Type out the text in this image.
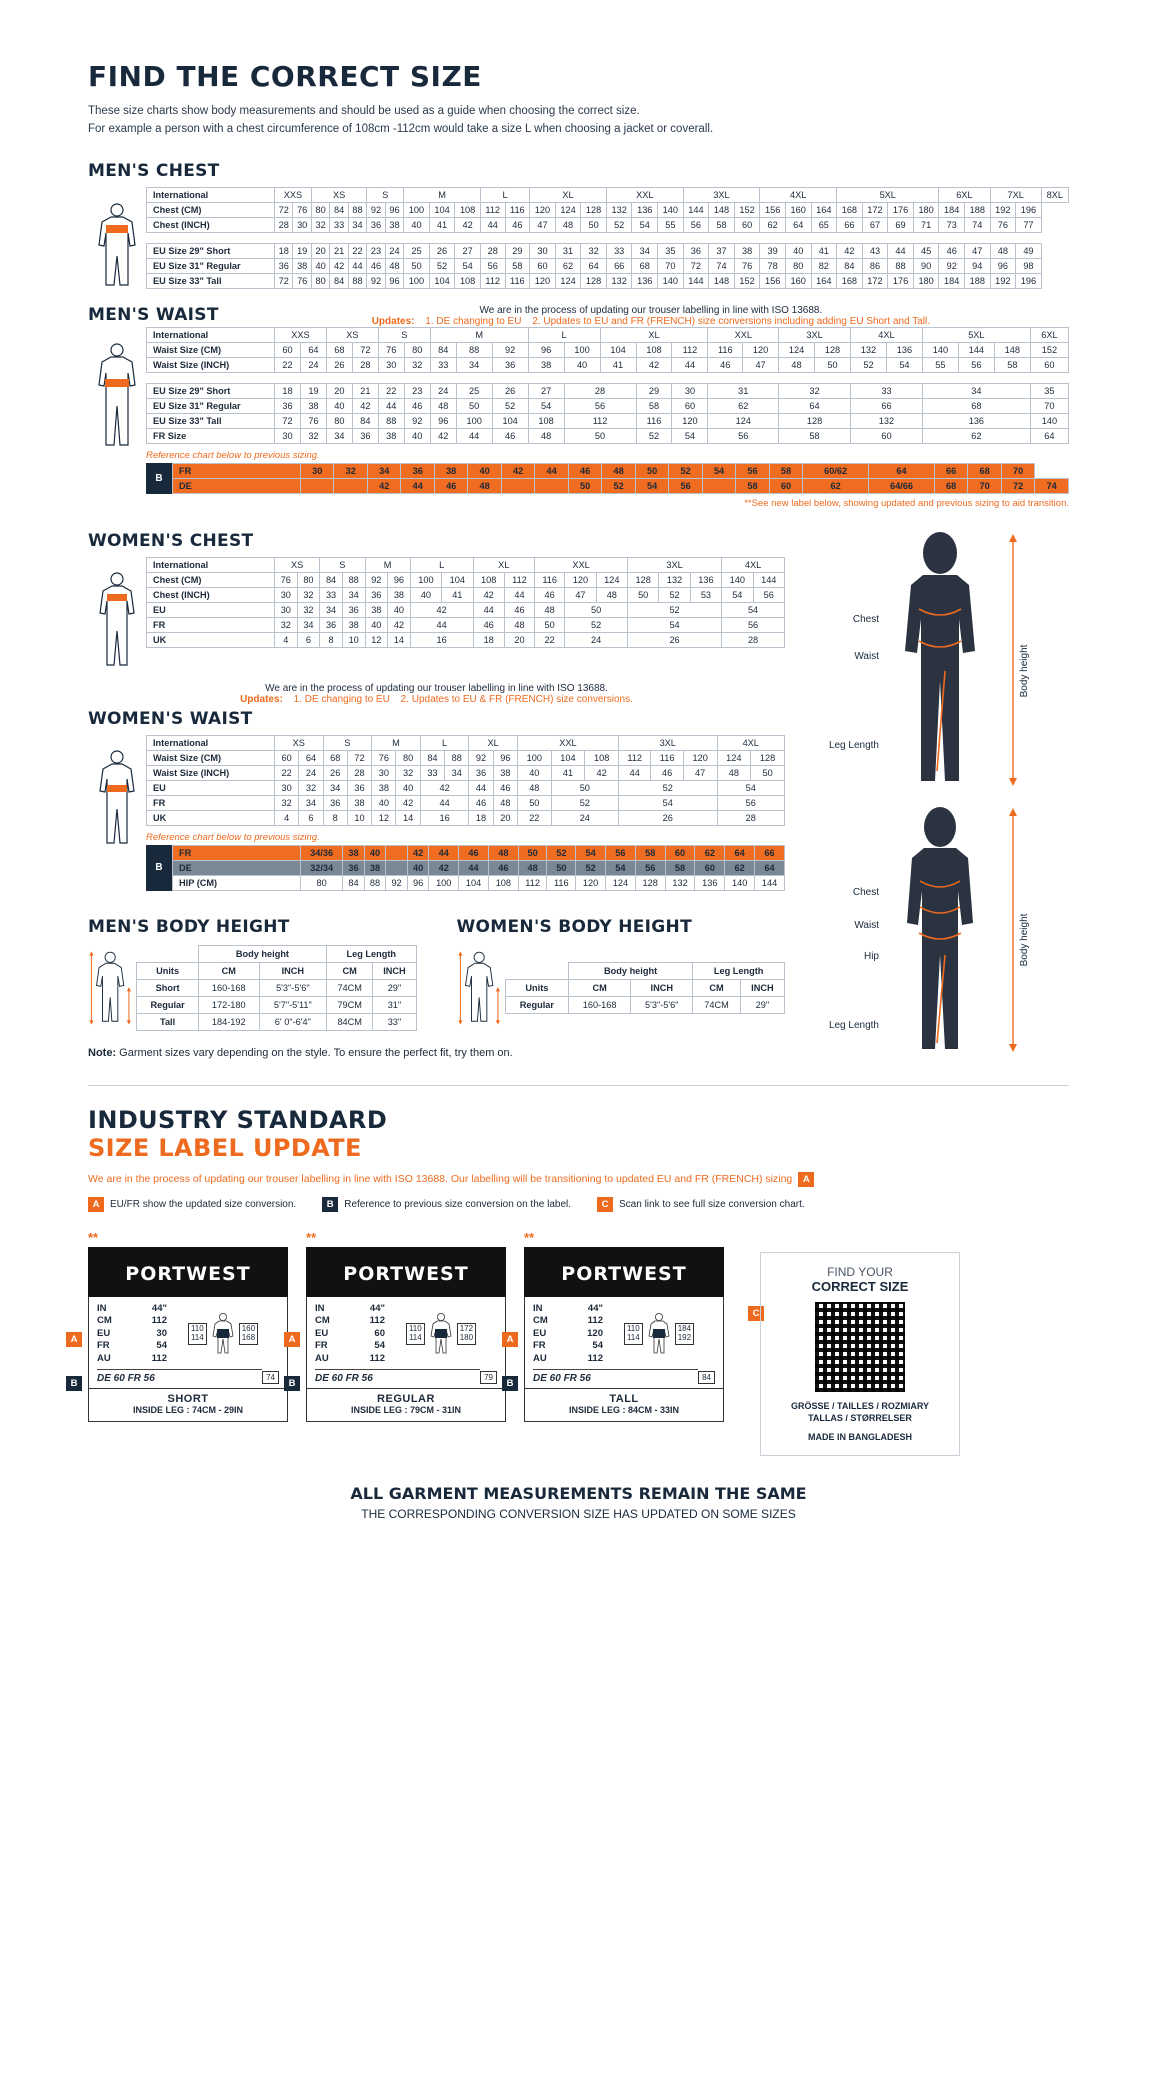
FIND THE CORRECT SIZE
These size charts show body measurements and should be used as a guide when choosing the correct size.
For example a person with a chest circumference of 108cm -112cm would take a size L when choosing a jacket or coverall.
MEN'S CHEST
International	XXS		XS			S		M			L		XL			XXL			3XL			4XL			5XL				6XL		7XL		8XL
Chest (CM)	72	76	80	84	88	92	96	100	104	108	112	116	120	124	128	132	136	140	144	148	152	156	160	164	168	172	176	180	184	188	192	196	
Chest (INCH)	28	30	32	33	34	36	38	40	41	42	44	46	47	48	50	52	54	55	56	58	60	62	64	65	66	67	69	71	73	74	76	77	

EU Size 29" Short	18	19	20	21	22	23	24	25	26	27	28	29	30	31	32	33	34	35	36	37	38	39	40	41	42	43	44	45	46	47	48	49	
EU Size 31" Regular	36	38	40	42	44	46	48	50	52	54	56	58	60	62	64	66	68	70	72	74	76	78	80	82	84	86	88	90	92	94	96	98	
EU Size 33" Tall	72	76	80	84	88	92	96	100	104	108	112	116	120	124	128	132	136	140	144	148	152	156	160	164	168	172	176	180	184	188	192	196	
MEN'S WAIST	We are in the process of updating our trouser labelling in line with ISO 13688.
Updates: 1. DE changing to EU 2. Updates to EU and FR (FRENCH) size conversions including adding EU Short and Tall.
International	XXS		XS		S		M			L		XL			XXL		3XL		4XL		5XL			6XL
Waist Size (CM)	60	64	68	72	76	80	84	88	92	96	100	104	108	112	116	120	124	128	132	136	140	144	148	152
Waist Size (INCH)	22	24	26	28	30	32	33	34	36	38	40	41	42	44	46	47	48	50	52	54	55	56	58	60

EU Size 29" Short	18	19	20	21	22	23	24	25	26	27	28		29	30	31		32		33		34			35
EU Size 31" Regular	36	38	40	42	44	46	48	50	52	54	56		58	60	62		64		66		68			70
EU Size 33" Tall	72	76	80	84	88	92	96	100	104	108	112		116	120	124		128		132		136			140
FR Size	30	32	34	36	38	40	42	44	46	48	50		52	54	56		58		60		62			64
Reference chart below to previous sizing.
B
FR	30	32	34	36	38	40	42	44	46	48	50	52	54	56	58	60/62	64	66	68	70	
DE			42	44	46	48			50	52	54	56		58	60	62	64/66	68	70	72	74
**See new label below, showing updated and previous sizing to aid transition.
WOMEN'S CHEST
International	XS		S		M		L		XL		XXL			3XL			4XL	
Chest (CM)	76	80	84	88	92	96	100	104	108	112	116	120	124	128	132	136	140	144
Chest (INCH)	30	32	33	34	36	38	40	41	42	44	46	47	48	50	52	53	54	56
EU	30	32	34	36	38	40	42		44	46	48	50		52			54	
FR	32	34	36	38	40	42	44		46	48	50	52		54			56	
UK	4	6	8	10	12	14	16		18	20	22	24		26			28	
We are in the process of updating our trouser labelling in line with ISO 13688.
Updates: 1. DE changing to EU 2. Updates to EU & FR (FRENCH) size conversions.
WOMEN'S WAIST
International	XS		S		M		L		XL		XXL			3XL			4XL	
Waist Size (CM)	60	64	68	72	76	80	84	88	92	96	100	104	108	112	116	120	124	128
Waist Size (INCH)	22	24	26	28	30	32	33	34	36	38	40	41	42	44	46	47	48	50
EU	30	32	34	36	38	40	42		44	46	48	50		52			54	
FR	32	34	36	38	40	42	44		46	48	50	52		54			56	
UK	4	6	8	10	12	14	16		18	20	22	24		26			28	
Reference chart below to previous sizing.
B
FR	34/36	38	40		42	44	46	48	50	52	54	56	58	60	62	64	66
DE	32/34	36	38		40	42	44	46	48	50	52	54	56	58	60	62	64
HIP (CM)	80	84	88	92	96	100	104	108	112	116	120	124	128	132	136	140	144
MEN'S BODY HEIGHT
	Body height		Leg Length	
Units	CM	INCH	CM	INCH
Short	160-168	5'3"-5'6"	74CM	29"
Regular	172-180	5'7"-5'11"	79CM	31"
Tall	184-192	6' 0"-6'4"	84CM	33"
WOMEN'S BODY HEIGHT
	Body height		Leg Length	
Units	CM	INCH	CM	INCH
Regular	160-168	5'3"-5'6"	74CM	29"
Note: Garment sizes vary depending on the style. To ensure the perfect fit, try them on.
Chest
Waist
Leg Length
Body height
Chest
Waist
Hip
Leg Length
Body height
INDUSTRY STANDARD
SIZE LABEL UPDATE
We are in the process of updating our trouser labelling in line with ISO 13688. Our labelling will be transitioning to updated EU and FR (FRENCH) sizing	A
A	EU/FR show the updated size conversion.	B	Reference to previous size conversion on the label.	C	Scan link to see full size conversion chart.
**
PORTWEST
IN	44"
CM	112
EU	30
FR	54
AU	112
110
114
160
168
DE 60 FR 56	74
SHORT
INSIDE LEG : 74CM - 29IN
A
B
**
PORTWEST
IN	44"
CM	112
EU	60
FR	54
AU	112
110
114
172
180
DE 60 FR 56	79
REGULAR
INSIDE LEG : 79CM - 31IN
A
B
**
PORTWEST
IN	44"
CM	112
EU	120
FR	54
AU	112
110
114
184
192
DE 60 FR 56	84
TALL
INSIDE LEG : 84CM - 33IN
A
B
C
FIND YOUR
CORRECT SIZE
GRÖSSE / TAILLES / ROZMIARY
TALLAS / STØRRELSER
MADE IN BANGLADESH
ALL GARMENT MEASUREMENTS REMAIN THE SAME
THE CORRESPONDING CONVERSION SIZE HAS UPDATED ON SOME SIZES
